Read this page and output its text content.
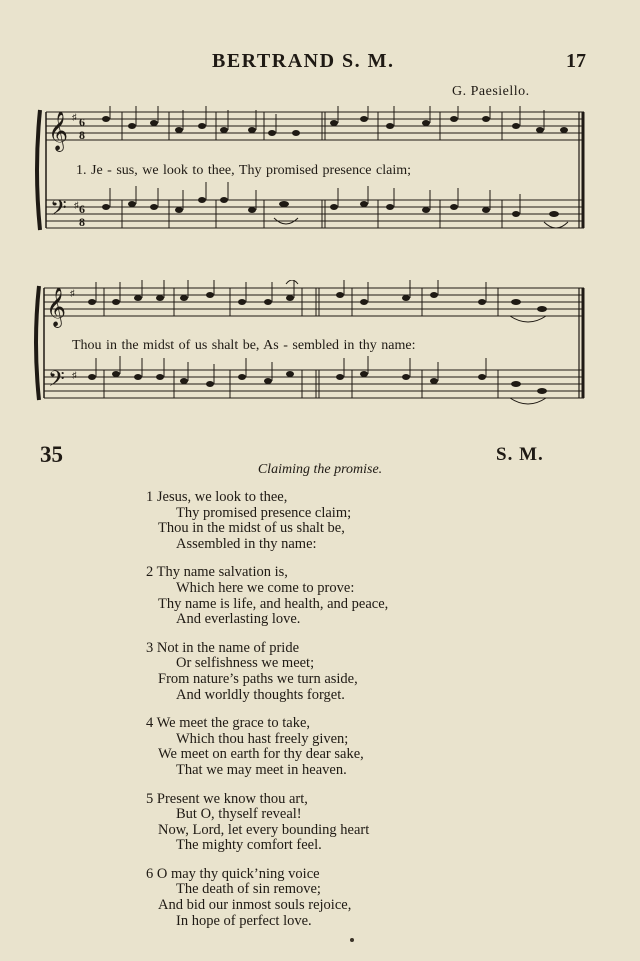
BERTRAND S. M.	17
G. Paesiello.
𝄞
𝄢
♯
♯
6
8
6
8
1. Je - sus, we look to thee, Thy promised presence claim;
𝄞
𝄢
♯
♯
Thou in the midst of us shalt be, As - sembled in thy name:
35	S. M.
Claiming the promise.
1 Jesus, we look to thee,
Thy promised presence claim;
Thou in the midst of us shalt be,
Assembled in thy name:
2 Thy name salvation is,
Which here we come to prove:
Thy name is life, and health, and peace,
And everlasting love.
3 Not in the name of pride
Or selfishness we meet;
From nature’s paths we turn aside,
And worldly thoughts forget.
4 We meet the grace to take,
Which thou hast freely given;
We meet on earth for thy dear sake,
That we may meet in heaven.
5 Present we know thou art,
But O, thyself reveal!
Now, Lord, let every bounding heart
The mighty comfort feel.
6 O may thy quick’ning voice
The death of sin remove;
And bid our inmost souls rejoice,
In hope of perfect love.
